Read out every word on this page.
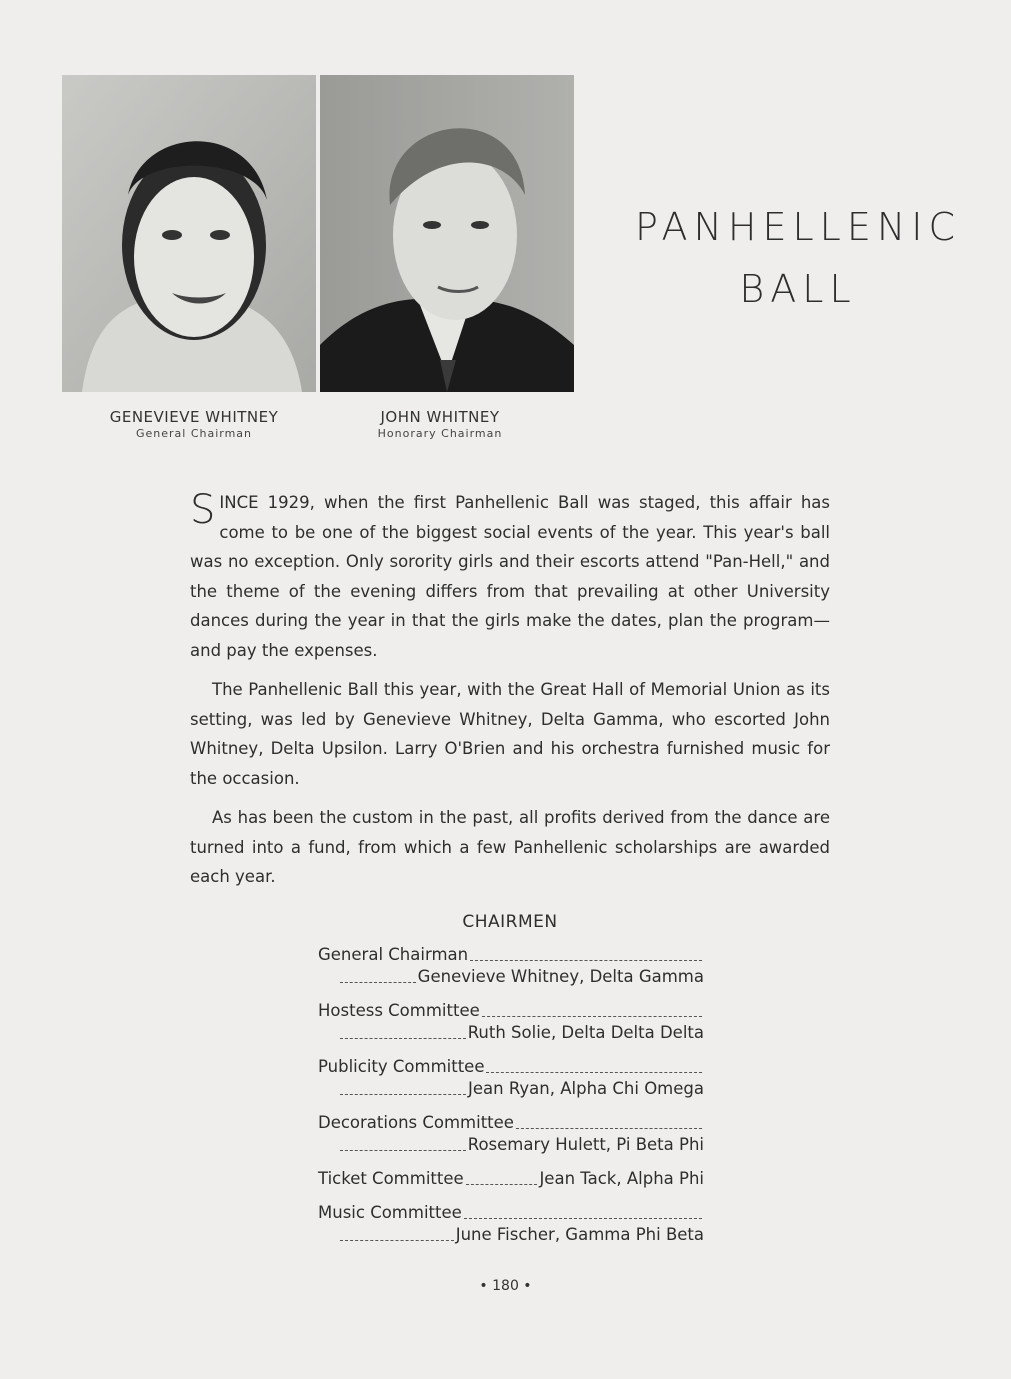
GENEVIEVE WHITNEY
General Chairman
JOHN WHITNEY
Honorary Chairman
PANHELLENIC
BALL

SINCE 1929, when the first Panhellenic Ball was staged, this affair has come to be one of the biggest social events of the year. This year's ball was no exception. Only sorority girls and their escorts attend "Pan-Hell," and the theme of the evening differs from that prevailing at other University dances during the year in that the girls make the dates, plan the program—and pay the expenses.

The Panhellenic Ball this year, with the Great Hall of Memorial Union as its setting, was led by Genevieve Whitney, Delta Gamma, who escorted John Whitney, Delta Upsilon. Larry O'Brien and his orchestra furnished music for the occasion.

As has been the custom in the past, all profits derived from the dance are turned into a fund, from which a few Panhellenic scholarships are awarded each year.

CHAIRMEN
General Chairman
Genevieve Whitney, Delta Gamma
Hostess Committee
Ruth Solie, Delta Delta Delta
Publicity Committee
Jean Ryan, Alpha Chi Omega
Decorations Committee
Rosemary Hulett, Pi Beta Phi
Ticket Committee	Jean Tack, Alpha Phi
Music Committee
June Fischer, Gamma Phi Beta
• 180 •
